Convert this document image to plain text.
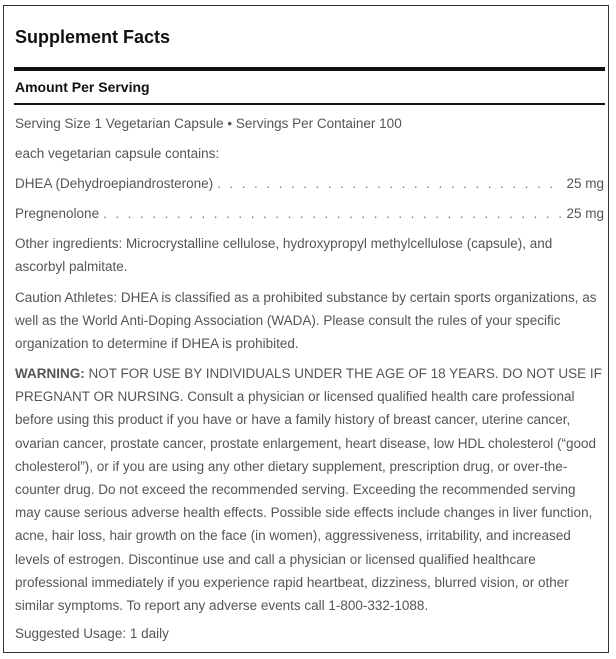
Supplement Facts
Amount Per Serving
Serving Size 1 Vegetarian Capsule • Servings Per Container 100
each vegetarian capsule contains:
DHEA (Dehydroepiandrosterone) . . .	25 mg
Pregnenolone . . .	25 mg

Other ingredients: Microcrystalline cellulose, hydroxypropyl methylcellulose (capsule), and ascorbyl palmitate.

Caution Athletes: DHEA is classified as a prohibited substance by certain sports organizations, as well as the World Anti-Doping Association (WADA). Please consult the rules of your specific organization to determine if DHEA is prohibited.

WARNING: NOT FOR USE BY INDIVIDUALS UNDER THE AGE OF 18 YEARS. DO NOT USE IF PREGNANT OR NURSING. Consult a physician or licensed qualified health care professional before using this product if you have or have a family history of breast cancer, uterine cancer, ovarian cancer, prostate cancer, prostate enlargement, heart disease, low HDL cholesterol (“good cholesterol”), or if you are using any other dietary supplement, prescription drug, or over-the-counter drug. Do not exceed the recommended serving. Exceeding the recommended serving may cause serious adverse health effects. Possible side effects include changes in liver function, acne, hair loss, hair growth on the face (in women), aggressiveness, irritability, and increased levels of estrogen. Discontinue use and call a physician or licensed qualified healthcare professional immediately if you experience rapid heartbeat, dizziness, blurred vision, or other similar symptoms. To report any adverse events call 1-800-332-1088.

Suggested Usage: 1 daily
